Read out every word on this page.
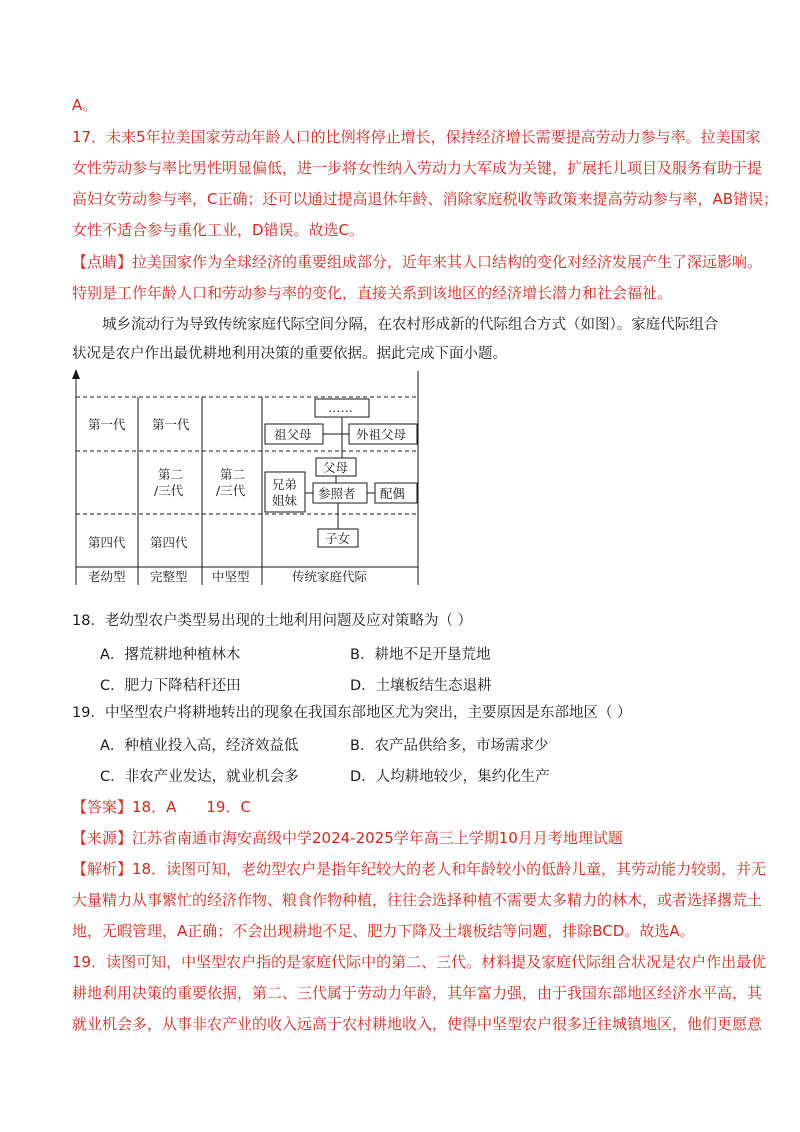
A。
17．未来5年拉美国家劳动年龄人口的比例将停止增长，保持经济增长需要提高劳动力参与率。拉美国家
女性劳动参与率比男性明显偏低，进一步将女性纳入劳动力大军成为关键，扩展托儿项目及服务有助于提
高妇女劳动参与率，C正确；还可以通过提高退休年龄、消除家庭税收等政策来提高劳动参与率，AB错误；
女性不适合参与重化工业，D错误。故选C。
【点睛】拉美国家作为全球经济的重要组成部分，近年来其人口结构的变化对经济发展产生了深远影响。
特别是工作年龄人口和劳动参与率的变化，直接关系到该地区的经济增长潜力和社会福祉。
城乡流动行为导致传统家庭代际空间分隔，在农村形成新的代际组合方式（如图）。家庭代际组合
状况是农户作出最优耕地利用决策的重要依据。据此完成下面小题。
第一代
第四代
第一代
第二
/三代
第四代
第二
/三代
……
祖父母	外祖父母
父母
兄弟
姐妹 参照者 配偶
子女
老幼型 完整型 中坚型	传统家庭代际
18．老幼型农户类型易出现的土地利用问题及应对策略为（ ）
A．撂荒耕地种植林木	B．耕地不足开垦荒地
C．肥力下降秸秆还田	D．土壤板结生态退耕
19．中坚型农户将耕地转出的现象在我国东部地区尤为突出，主要原因是东部地区（ ）
A．种植业投入高，经济效益低	B．农产品供给多，市场需求少
C．非农产业发达，就业机会多	D．人均耕地较少，集约化生产
【答案】18．A　　19．C
【来源】江苏省南通市海安高级中学2024-2025学年高三上学期10月月考地理试题
【解析】18．读图可知，老幼型农户是指年纪较大的老人和年龄较小的低龄儿童，其劳动能力较弱，并无
大量精力从事繁忙的经济作物、粮食作物种植，往往会选择种植不需要太多精力的林木，或者选择撂荒土
地，无暇管理，A正确；不会出现耕地不足、肥力下降及土壤板结等问题，排除BCD。故选A。
19．读图可知，中坚型农户指的是家庭代际中的第二、三代。材料提及家庭代际组合状况是农户作出最优
耕地利用决策的重要依据，第二、三代属于劳动力年龄，其年富力强，由于我国东部地区经济水平高，其
就业机会多，从事非农产业的收入远高于农村耕地收入，使得中坚型农户很多迁往城镇地区，他们更愿意
